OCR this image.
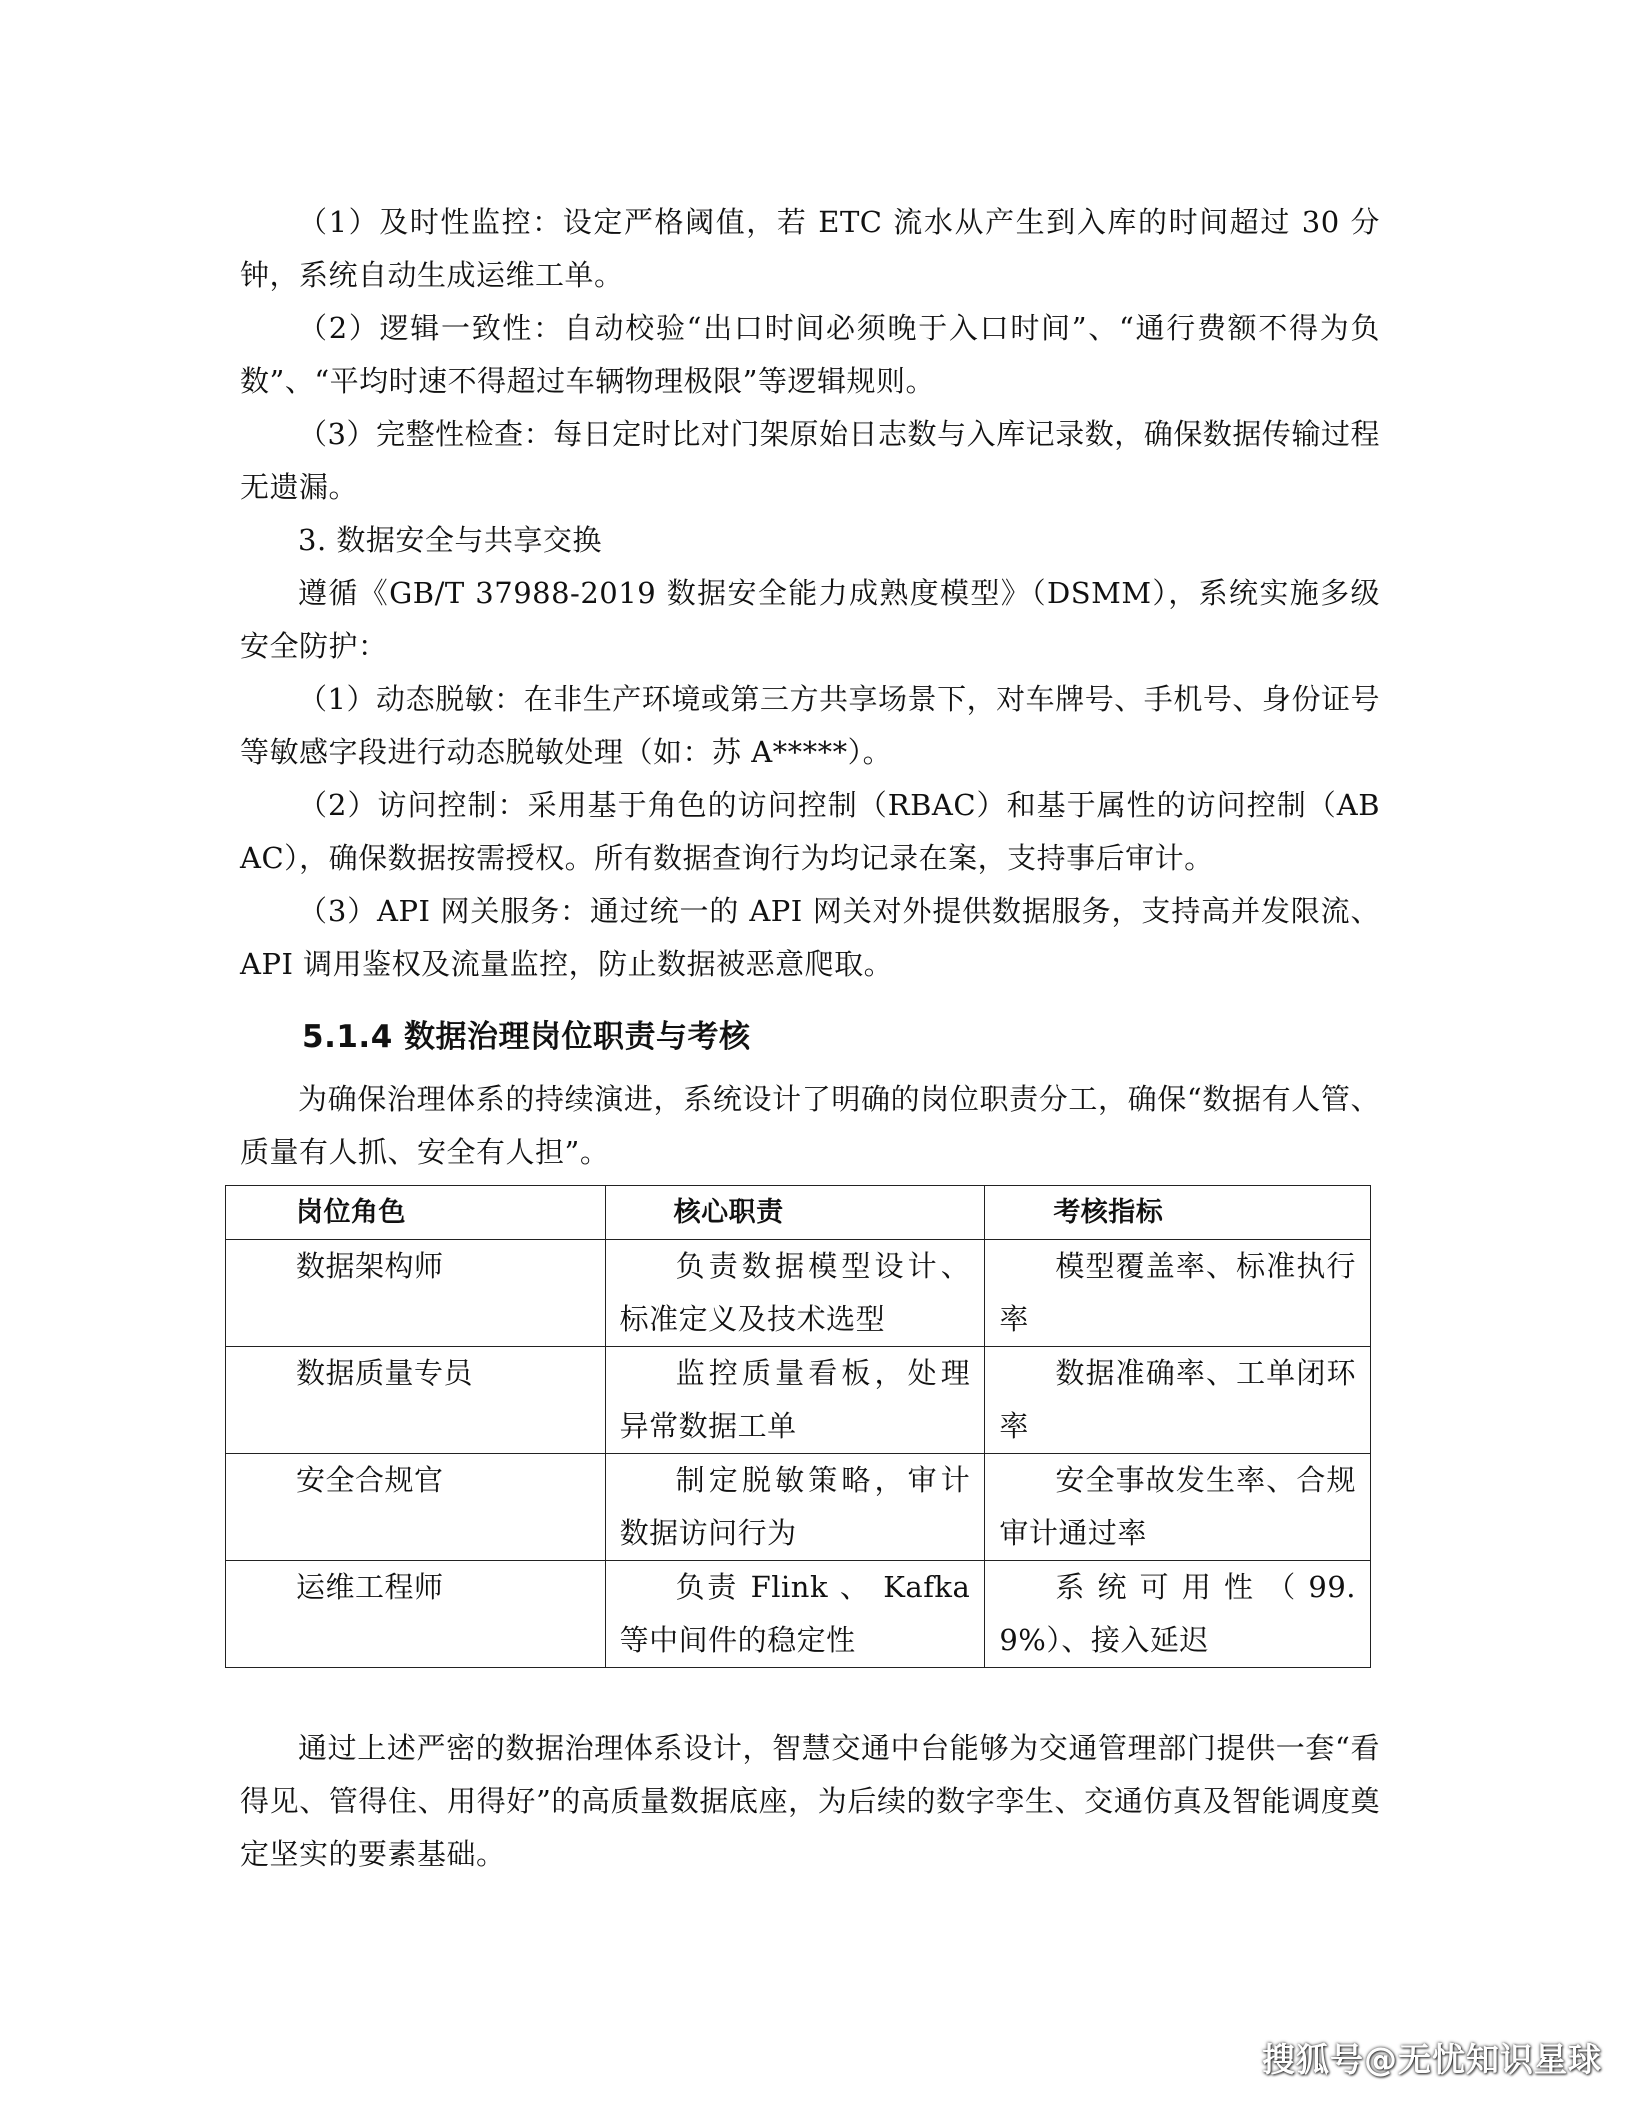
（1）及时性监控：设定严格阈值，若 ETC 流水从产生到入库的时间超过 30 分钟，系统自动生成运维工单。

（2）逻辑一致性：自动校验“出口时间必须晚于入口时间”、“通行费额不得为负数”、“平均时速不得超过车辆物理极限”等逻辑规则。

（3）完整性检查：每日定时比对门架原始日志数与入库记录数，确保数据传输过程无遗漏。

3. 数据安全与共享交换

遵循《GB/T 37988-2019 数据安全能力成熟度模型》（DSMM），系统实施多级安全防护：

（1）动态脱敏：在非生产环境或第三方共享场景下，对车牌号、手机号、身份证号等敏感字段进行动态脱敏处理（如：苏 A*****）。

（2）访问控制：采用基于角色的访问控制（RBAC）和基于属性的访问控制（ABAC），确保数据按需授权。所有数据查询行为均记录在案，支持事后审计。

（3）API 网关服务：通过统一的 API 网关对外提供数据服务，支持高并发限流、API 调用鉴权及流量监控，防止数据被恶意爬取。

5.1.4 数据治理岗位职责与考核

为确保治理体系的持续演进，系统设计了明确的岗位职责分工，确保“数据有人管、质量有人抓、安全有人担”。

岗位角色	核心职责	考核指标
数据架构师	负责数据模型设计、标准定义及技术选型	模型覆盖率、标准执行率
数据质量专员	监控质量看板，处理异常数据工单	数据准确率、工单闭环率
安全合规官	制定脱敏策略，审计数据访问行为	安全事故发生率、合规审计通过率
运维工程师	负责 Flink 、 Kafka 等中间件的稳定性	系统可用性（99.9%）、接入延迟

通过上述严密的数据治理体系设计，智慧交通中台能够为交通管理部门提供一套“看得见、管得住、用得好”的高质量数据底座，为后续的数字孪生、交通仿真及智能调度奠定坚实的要素基础。

搜狐号@无忧知识星球
